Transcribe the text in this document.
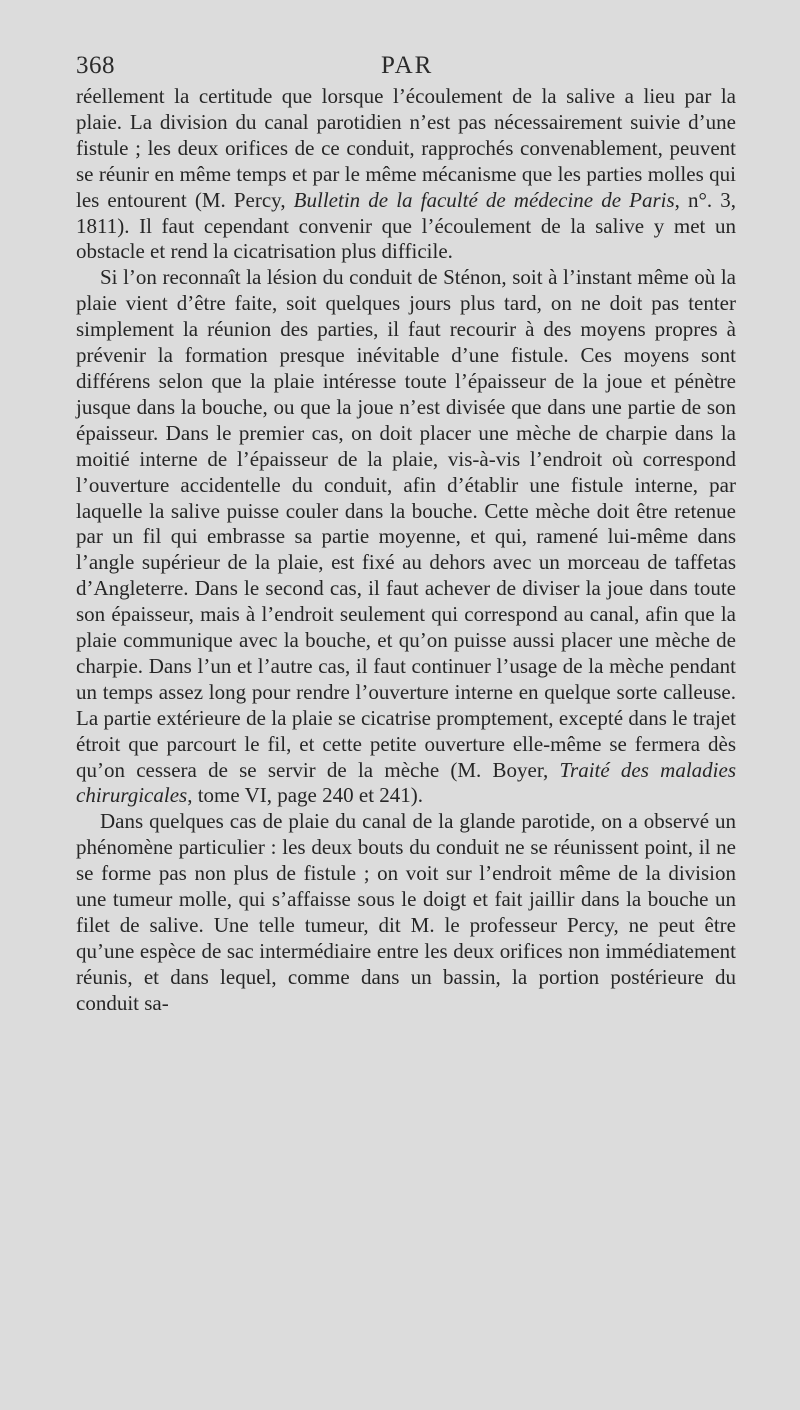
368	PAR

réellement la certitude que lorsque l’écoulement de la salive a lieu par la plaie. La division du canal parotidien n’est pas nécessairement suivie d’une fistule ; les deux orifices de ce conduit, rapprochés convenablement, peuvent se réunir en même temps et par le même mécanisme que les parties molles qui les entourent (M. Percy, Bulletin de la faculté de médecine de Paris, n°. 3, 1811). Il faut cependant convenir que l’écoulement de la salive y met un obstacle et rend la cicatrisation plus difficile.

Si l’on reconnaît la lésion du conduit de Sténon, soit à l’instant même où la plaie vient d’être faite, soit quelques jours plus tard, on ne doit pas tenter simplement la réunion des parties, il faut recourir à des moyens propres à prévenir la formation presque inévitable d’une fistule. Ces moyens sont différens selon que la plaie intéresse toute l’épaisseur de la joue et pénètre jusque dans la bouche, ou que la joue n’est divisée que dans une partie de son épaisseur. Dans le premier cas, on doit placer une mèche de charpie dans la moitié interne de l’épaisseur de la plaie, vis-à-vis l’endroit où correspond l’ouverture accidentelle du conduit, afin d’établir une fistule interne, par laquelle la salive puisse couler dans la bouche. Cette mèche doit être retenue par un fil qui embrasse sa partie moyenne, et qui, ramené lui-même dans l’angle supérieur de la plaie, est fixé au dehors avec un morceau de taffetas d’Angleterre. Dans le second cas, il faut achever de diviser la joue dans toute son épaisseur, mais à l’endroit seulement qui correspond au canal, afin que la plaie communique avec la bouche, et qu’on puisse aussi placer une mèche de charpie. Dans l’un et l’autre cas, il faut continuer l’usage de la mèche pendant un temps assez long pour rendre l’ouverture interne en quelque sorte calleuse. La partie extérieure de la plaie se cicatrise promptement, excepté dans le trajet étroit que parcourt le fil, et cette petite ouverture elle-même se fermera dès qu’on cessera de se servir de la mèche (M. Boyer, Traité des maladies chirurgicales, tome VI, page 240 et 241).

Dans quelques cas de plaie du canal de la glande parotide, on a observé un phénomène particulier : les deux bouts du conduit ne se réunissent point, il ne se forme pas non plus de fistule ; on voit sur l’endroit même de la division une tumeur molle, qui s’affaisse sous le doigt et fait jaillir dans la bouche un filet de salive. Une telle tumeur, dit M. le professeur Percy, ne peut être qu’une espèce de sac intermédiaire entre les deux orifices non immédiatement réunis, et dans lequel, comme dans un bassin, la portion postérieure du conduit sa-
